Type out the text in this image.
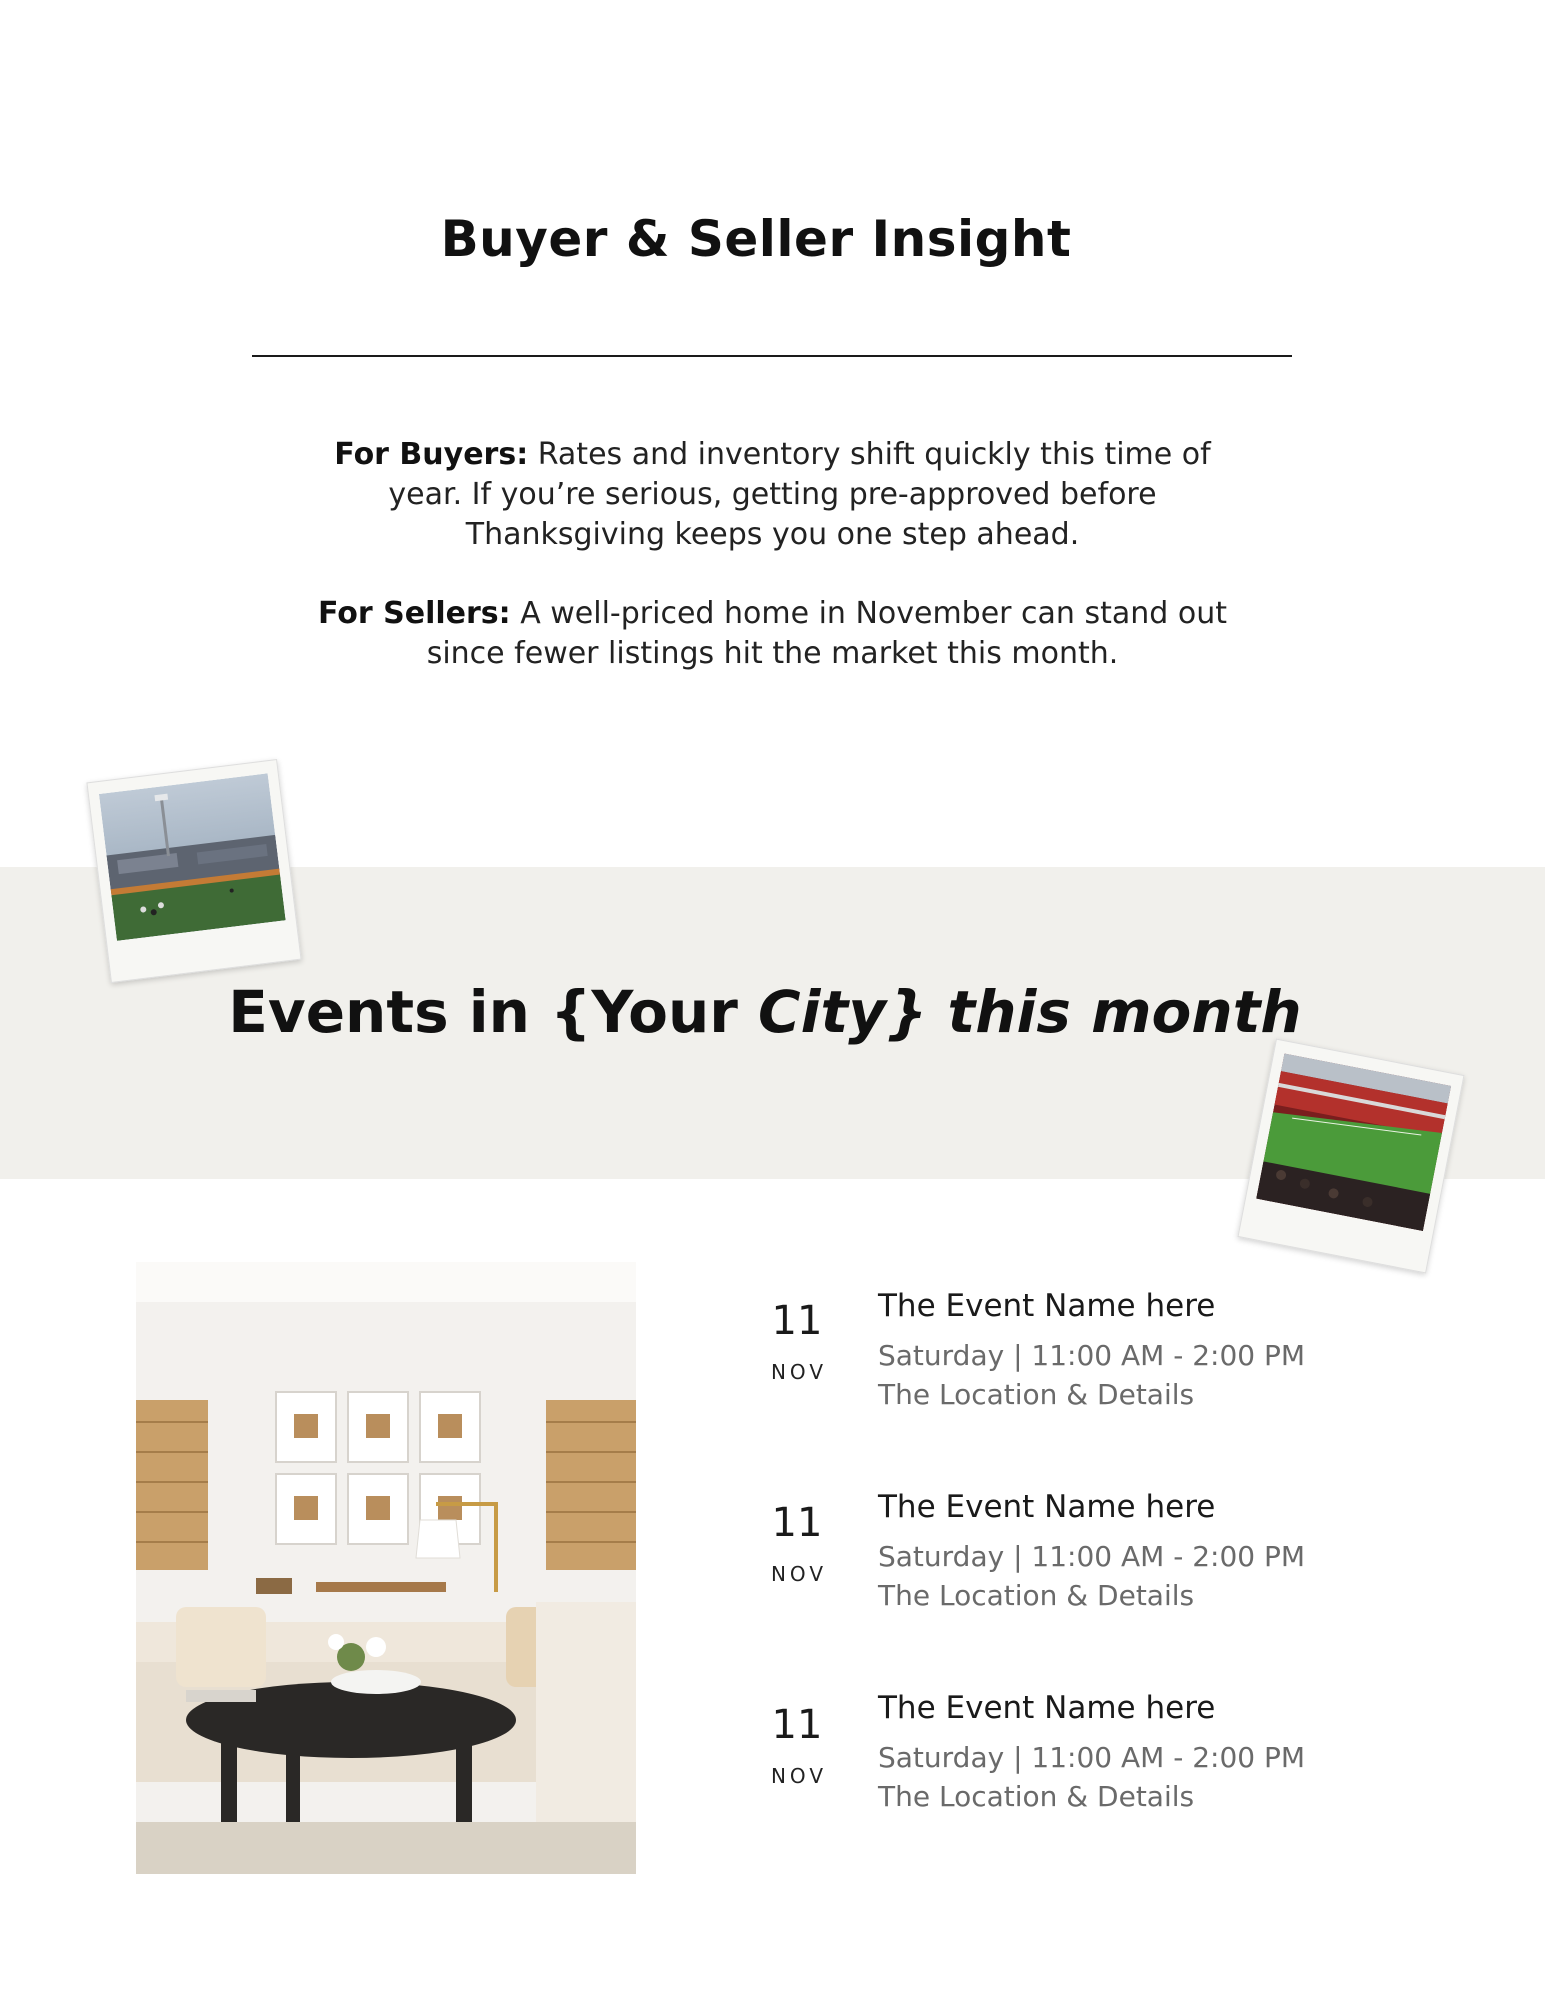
Buyer & Seller Insight
For Buyers: Rates and inventory shift quickly this time of year. If you’re serious, getting pre-approved before Thanksgiving keeps you one step ahead.
For Sellers: A well-priced home in November can stand out since fewer listings hit the market this month.
Events in {Your City} this month
11
NOV
The Event Name here
Saturday | 11:00 AM - 2:00 PM
The Location & Details
11
NOV
The Event Name here
Saturday | 11:00 AM - 2:00 PM
The Location & Details
11
NOV
The Event Name here
Saturday | 11:00 AM - 2:00 PM
The Location & Details
